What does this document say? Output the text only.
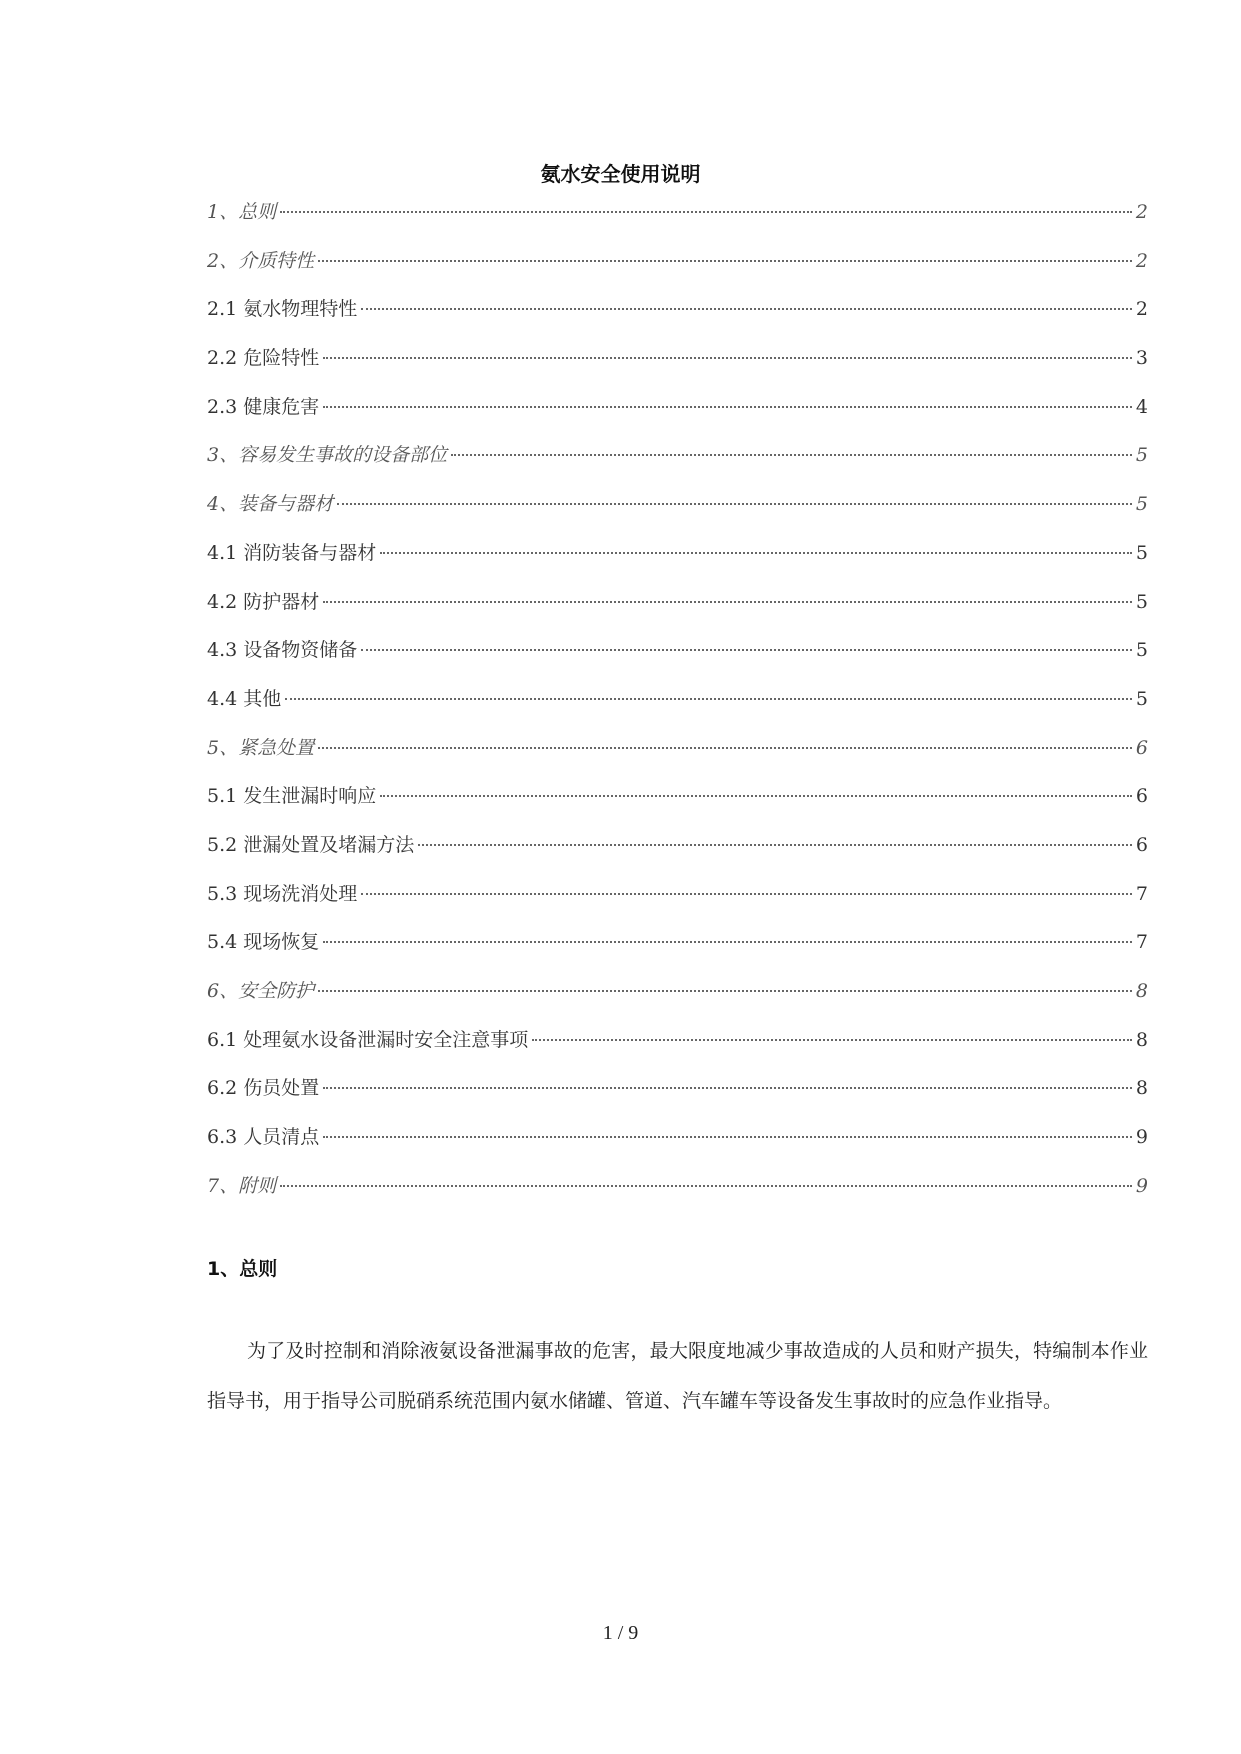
氨水安全使用说明
1、总则	2
2、介质特性	2
2.1 氨水物理特性	2
2.2 危险特性	3
2.3 健康危害	4
3、容易发生事故的设备部位	5
4、装备与器材	5
4.1 消防装备与器材	5
4.2 防护器材	5
4.3 设备物资储备	5
4.4 其他	5
5、紧急处置	6
5.1 发生泄漏时响应	6
5.2 泄漏处置及堵漏方法	6
5.3 现场洗消处理	7
5.4 现场恢复	7
6、安全防护	8
6.1 处理氨水设备泄漏时安全注意事项	8
6.2 伤员处置	8
6.3 人员清点	9
7、附则	9
1、总则
为了及时控制和消除液氨设备泄漏事故的危害，最大限度地减少事故造成的人员和财产损失，特编制本作业指导书，用于指导公司脱硝系统范围内氨水储罐、管道、汽车罐车等设备发生事故时的应急作业指导。
1 / 9
